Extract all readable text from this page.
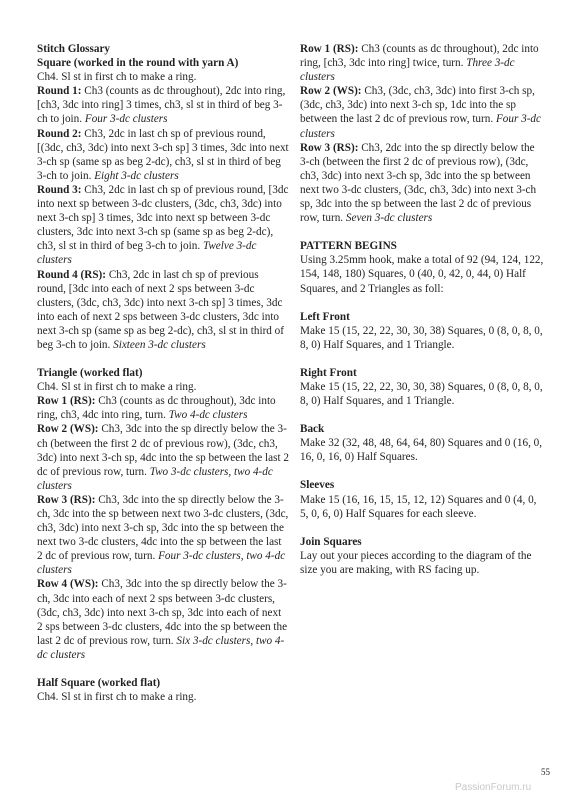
Stitch Glossary

Square (worked in the round with yarn A)

Ch4. Sl st in first ch to make a ring.

Round 1: Ch3 (counts as dc throughout), 2dc into ring, [ch3, 3dc into ring] 3 times, ch3, sl st in third of beg 3-ch to join. Four 3-dc clusters

Round 2: Ch3, 2dc in last ch sp of previous round, [(3dc, ch3, 3dc) into next 3-ch sp] 3 times, 3dc into next 3-ch sp (same sp as beg 2-dc), ch3, sl st in third of beg 3-ch to join. Eight 3-dc clusters

Round 3: Ch3, 2dc in last ch sp of previous round, [3dc into next sp between 3-dc clusters, (3dc, ch3, 3dc) into next 3-ch sp] 3 times, 3dc into next sp between 3-dc clusters, 3dc into next 3-ch sp (same sp as beg 2-dc), ch3, sl st in third of beg 3-ch to join. Twelve 3-dc clusters

Round 4 (RS): Ch3, 2dc in last ch sp of previous round, [3dc into each of next 2 sps between 3-dc clusters, (3dc, ch3, 3dc) into next 3-ch sp] 3 times, 3dc into each of next 2 sps between 3-dc clusters, 3dc into next 3-ch sp (same sp as beg 2-dc), ch3, sl st in third of beg 3-ch to join. Sixteen 3-dc clusters

Triangle (worked flat)

Ch4. Sl st in first ch to make a ring.

Row 1 (RS): Ch3 (counts as dc throughout), 3dc into ring, ch3, 4dc into ring, turn. Two 4-dc clusters

Row 2 (WS): Ch3, 3dc into the sp directly below the 3-ch (between the first 2 dc of previous row), (3dc, ch3, 3dc) into next 3-ch sp, 4dc into the sp between the last 2 dc of previous row, turn. Two 3-dc clusters, two 4-dc clusters

Row 3 (RS): Ch3, 3dc into the sp directly below the 3-ch, 3dc into the sp between next two 3-dc clusters, (3dc, ch3, 3dc) into next 3-ch sp, 3dc into the sp between the next two 3-dc clusters, 4dc into the sp between the last 2 dc of previous row, turn. Four 3-dc clusters, two 4-dc clusters

Row 4 (WS): Ch3, 3dc into the sp directly below the 3-ch, 3dc into each of next 2 sps between 3-dc clusters, (3dc, ch3, 3dc) into next 3-ch sp, 3dc into each of next 2 sps between 3-dc clusters, 4dc into the sp between the last 2 dc of previous row, turn. Six 3-dc clusters, two 4-dc clusters

Half Square (worked flat)

Ch4. Sl st in first ch to make a ring.

Row 1 (RS): Ch3 (counts as dc throughout), 2dc into ring, [ch3, 3dc into ring] twice, turn. Three 3-dc clusters

Row 2 (WS): Ch3, (3dc, ch3, 3dc) into first 3-ch sp, (3dc, ch3, 3dc) into next 3-ch sp, 1dc into the sp between the last 2 dc of previous row, turn. Four 3-dc clusters

Row 3 (RS): Ch3, 2dc into the sp directly below the 3-ch (between the first 2 dc of previous row), (3dc, ch3, 3dc) into next 3-ch sp, 3dc into the sp between next two 3-dc clusters, (3dc, ch3, 3dc) into next 3-ch sp, 3dc into the sp between the last 2 dc of previous row, turn. Seven 3-dc clusters

PATTERN BEGINS

Using 3.25mm hook, make a total of 92 (94, 124, 122, 154, 148, 180) Squares, 0 (40, 0, 42, 0, 44, 0) Half Squares, and 2 Triangles as foll:

Left Front

Make 15 (15, 22, 22, 30, 30, 38) Squares, 0 (8, 0, 8, 0, 8, 0) Half Squares, and 1 Triangle.

Right Front

Make 15 (15, 22, 22, 30, 30, 38) Squares, 0 (8, 0, 8, 0, 8, 0) Half Squares, and 1 Triangle.

Back

Make 32 (32, 48, 48, 64, 64, 80) Squares and 0 (16, 0, 16, 0, 16, 0) Half Squares.

Sleeves

Make 15 (16, 16, 15, 15, 12, 12) Squares and 0 (4, 0, 5, 0, 6, 0) Half Squares for each sleeve.

Join Squares

Lay out your pieces according to the diagram of the size you are making, with RS facing up.

55
PassionForum.ru
